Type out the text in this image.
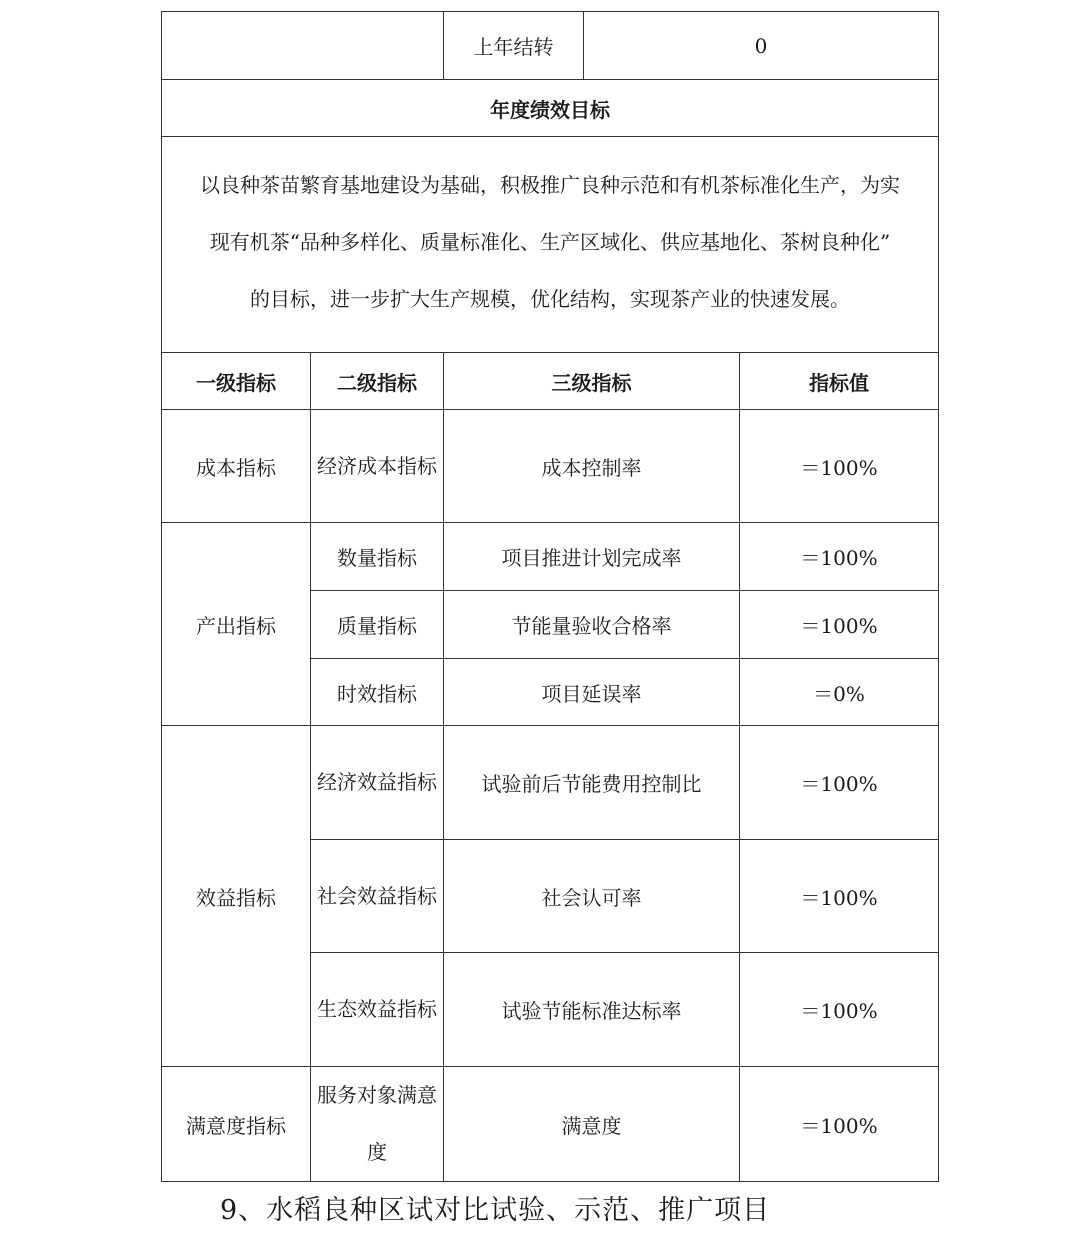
		上年结转	0	
年度绩效目标				

以良种茶苗繁育基地建设为基础，积极推广良种示范和有机茶标准化生产，为实
现有机茶“品种多样化、质量标准化、生产区域化、供应基地化、茶树良种化”
的目标，进一步扩大生产规模，优化结构，实现茶产业的快速发展。				

一级指标	二级指标	三级指标		指标值
成本指标	经济成本指标	成本控制率		＝100%
产出指标	数量指标	项目推进计划完成率		＝100%
	质量指标	节能量验收合格率		＝100%
	时效指标	项目延误率		＝0%
效益指标	经济效益指标	试验前后节能费用控制比		＝100%
	社会效益指标	社会认可率		＝100%
	生态效益指标	试验节能标准达标率		＝100%
满意度指标	服务对象满意度	满意度		＝100%
9、水稻良种区试对比试验、示范、推广项目
